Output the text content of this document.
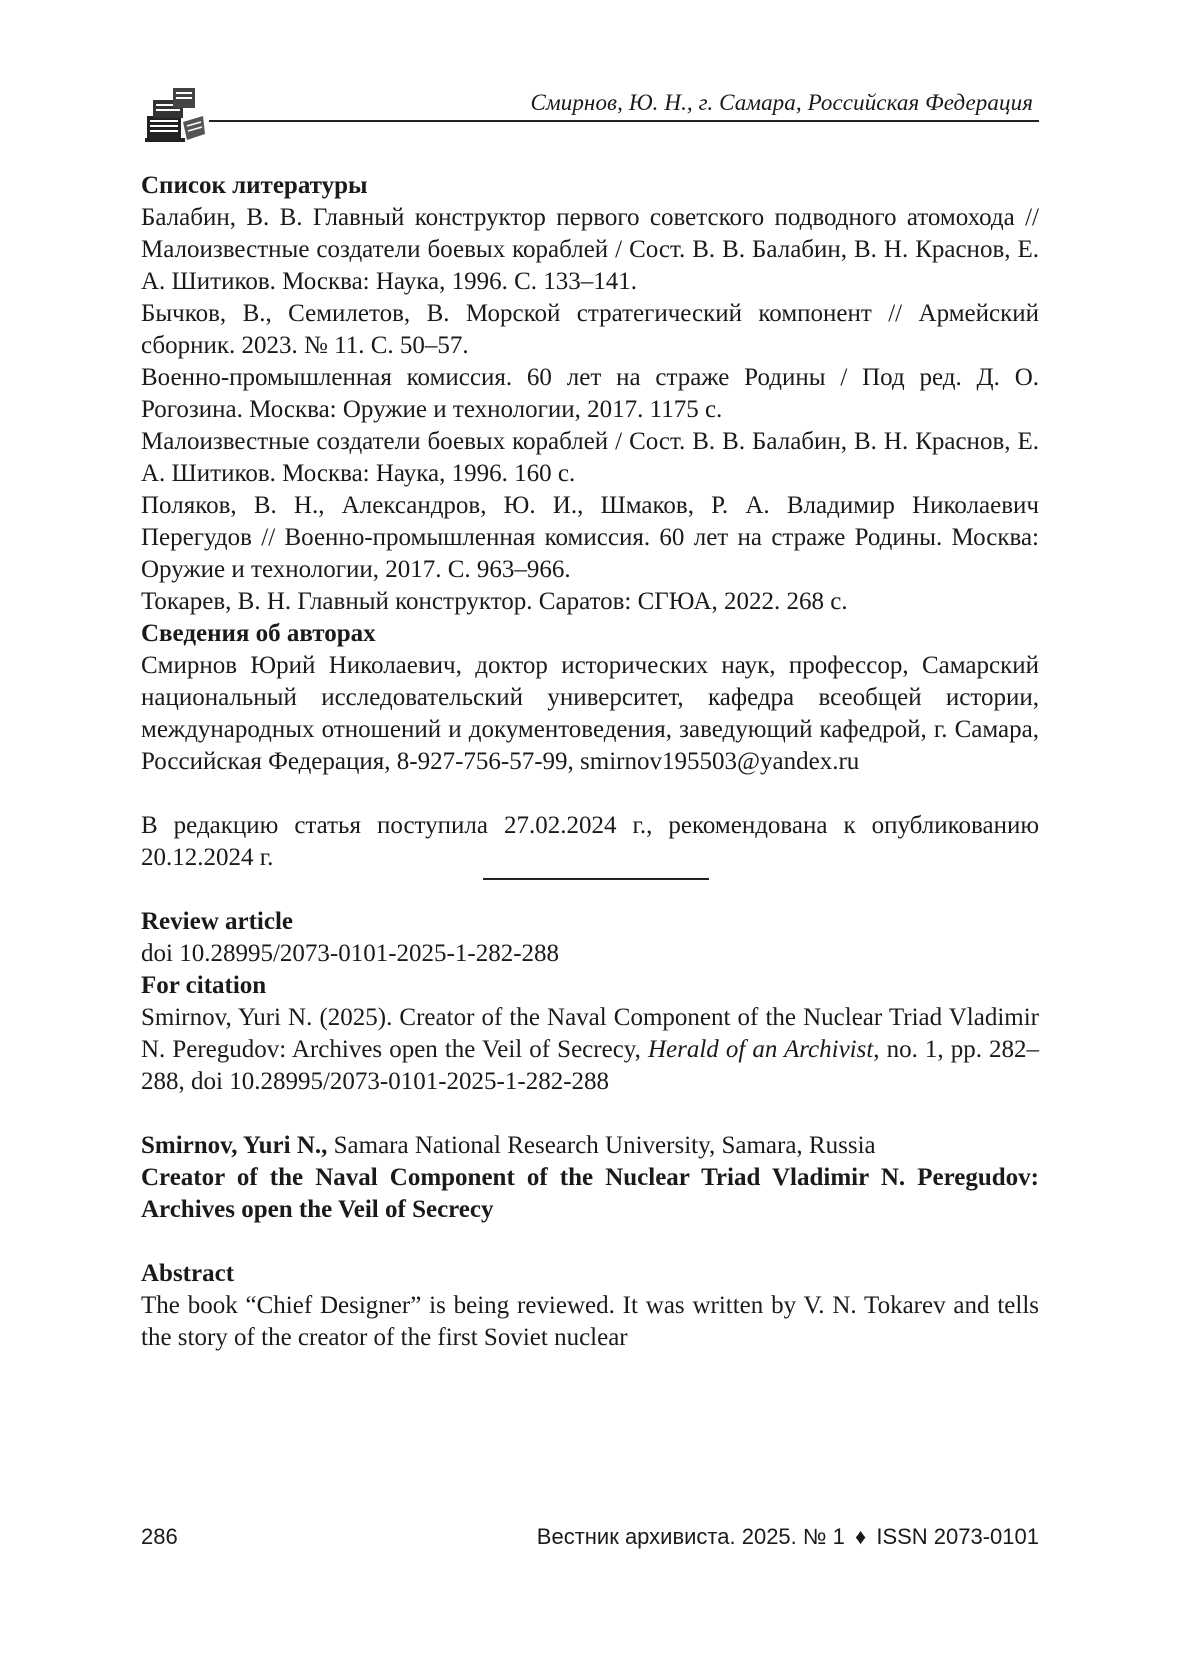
Смирнов, Ю. Н., г. Самара, Российская Федерация

Список литературы

Балабин, В. В. Главный конструктор первого советского подводного атомохода // Малоизвестные создатели боевых кораблей / Сост. В. В. Балабин, В. Н. Краснов, Е. А. Шитиков. Москва: Наука, 1996. С. 133–141.

Бычков, В., Семилетов, В. Морской стратегический компонент // Армейский сборник. 2023. № 11. С. 50–57.

Военно-промышленная комиссия. 60 лет на страже Родины / Под ред. Д. О. Рогозина. Москва: Оружие и технологии, 2017. 1175 с.

Малоизвестные создатели боевых кораблей / Сост. В. В. Балабин, В. Н. Краснов, Е. А. Шитиков. Москва: Наука, 1996. 160 с.

Поляков, В. Н., Александров, Ю. И., Шмаков, Р. А. Владимир Николаевич Перегудов // Военно-промышленная комиссия. 60 лет на страже Родины. Москва: Оружие и технологии, 2017. С. 963–966.

Токарев, В. Н. Главный конструктор. Саратов: СГЮА, 2022. 268 с.

Сведения об авторах

Смирнов Юрий Николаевич, доктор исторических наук, профессор, Самарский национальный исследовательский университет, кафедра всеобщей истории, международных отношений и документоведения, заведующий кафедрой, г. Самара, Российская Федерация, 8-927-756-57-99, smirnov195503@yandex.ru

В редакцию статья поступила 27.02.2024 г., рекомендована к опубликованию 20.12.2024 г.

Review article

doi 10.28995/2073-0101-2025-1-282-288

For citation

Smirnov, Yuri N. (2025). Creator of the Naval Component of the Nuclear Triad Vladimir N. Peregudov: Archives open the Veil of Secrecy, Herald of an Archivist, no. 1, pp. 282–288, doi 10.28995/2073-0101-2025-1-282-288

Smirnov, Yuri N., Samara National Research University, Samara, Russia

Creator of the Naval Component of the Nuclear Triad Vladimir N. Peregudov: Archives open the Veil of Secrecy

Abstract

The book “Chief Designer” is being reviewed. It was written by V. N. Tokarev and tells the story of the creator of the first Soviet nuclear

286	Вестник архивиста. 2025. № 1 ♦ ISSN 2073-0101
